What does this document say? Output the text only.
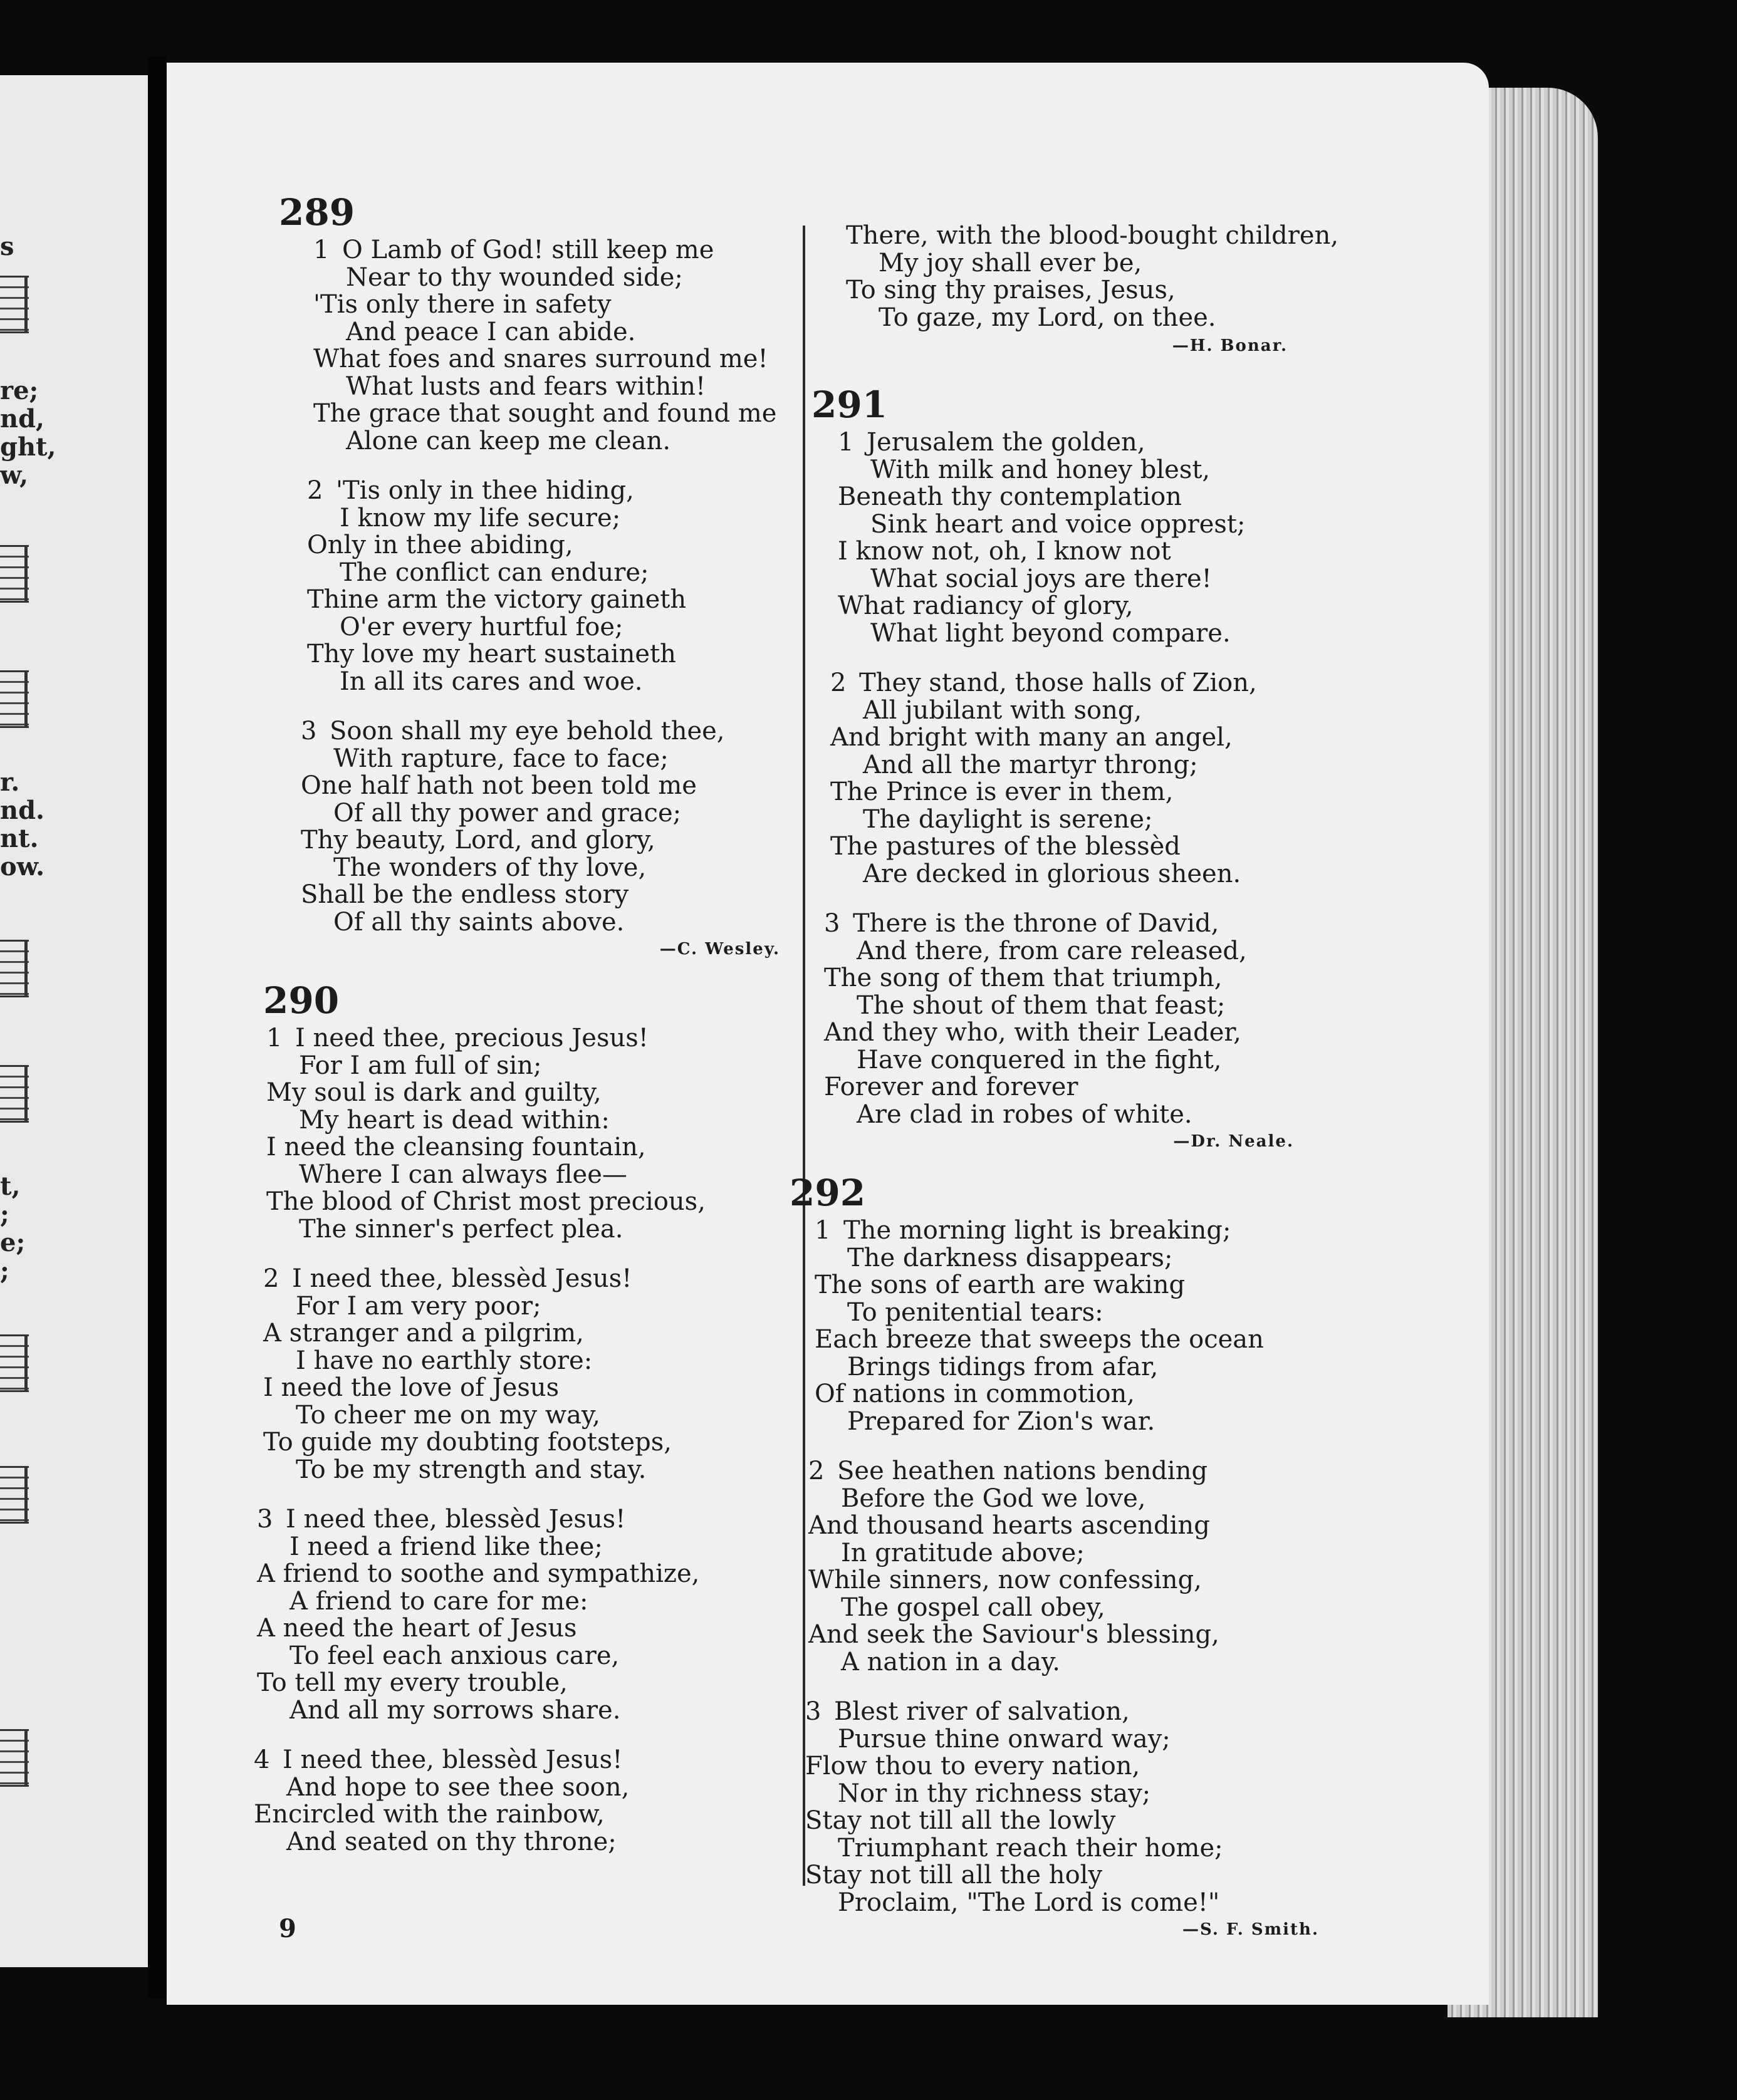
s
re;
nd,
ght,
w,
r.
nd.
nt.
ow.
t,
;
e;
;
289
1 O Lamb of God! still keep me
Near to thy wounded side;
'Tis only there in safety
And peace I can abide.
What foes and snares surround me!
What lusts and fears within!
The grace that sought and found me
Alone can keep me clean.
2 'Tis only in thee hiding,
I know my life secure;
Only in thee abiding,
The conflict can endure;
Thine arm the victory gaineth
O'er every hurtful foe;
Thy love my heart sustaineth
In all its cares and woe.
3 Soon shall my eye behold thee,
With rapture, face to face;
One half hath not been told me
Of all thy power and grace;
Thy beauty, Lord, and glory,
The wonders of thy love,
Shall be the endless story
Of all thy saints above.
—C. Wesley.
290
1 I need thee, precious Jesus!
For I am full of sin;
My soul is dark and guilty,
My heart is dead within:
I need the cleansing fountain,
Where I can always flee—
The blood of Christ most precious,
The sinner's perfect plea.
2 I need thee, blessèd Jesus!
For I am very poor;
A stranger and a pilgrim,
I have no earthly store:
I need the love of Jesus
To cheer me on my way,
To guide my doubting footsteps,
To be my strength and stay.
3 I need thee, blessèd Jesus!
I need a friend like thee;
A friend to soothe and sympathize,
A friend to care for me:
A need the heart of Jesus
To feel each anxious care,
To tell my every trouble,
And all my sorrows share.
4 I need thee, blessèd Jesus!
And hope to see thee soon,
Encircled with the rainbow,
And seated on thy throne;
9
There, with the blood-bought children,
My joy shall ever be,
To sing thy praises, Jesus,
To gaze, my Lord, on thee.
—H. Bonar.
291
1 Jerusalem the golden,
With milk and honey blest,
Beneath thy contemplation
Sink heart and voice opprest;
I know not, oh, I know not
What social joys are there!
What radiancy of glory,
What light beyond compare.
2 They stand, those halls of Zion,
All jubilant with song,
And bright with many an angel,
And all the martyr throng;
The Prince is ever in them,
The daylight is serene;
The pastures of the blessèd
Are decked in glorious sheen.
3 There is the throne of David,
And there, from care released,
The song of them that triumph,
The shout of them that feast;
And they who, with their Leader,
Have conquered in the fight,
Forever and forever
Are clad in robes of white.
—Dr. Neale.
292
1 The morning light is breaking;
The darkness disappears;
The sons of earth are waking
To penitential tears:
Each breeze that sweeps the ocean
Brings tidings from afar,
Of nations in commotion,
Prepared for Zion's war.
2 See heathen nations bending
Before the God we love,
And thousand hearts ascending
In gratitude above;
While sinners, now confessing,
The gospel call obey,
And seek the Saviour's blessing,
A nation in a day.
3 Blest river of salvation,
Pursue thine onward way;
Flow thou to every nation,
Nor in thy richness stay;
Stay not till all the lowly
Triumphant reach their home;
Stay not till all the holy
Proclaim, "The Lord is come!"
—S. F. Smith.
